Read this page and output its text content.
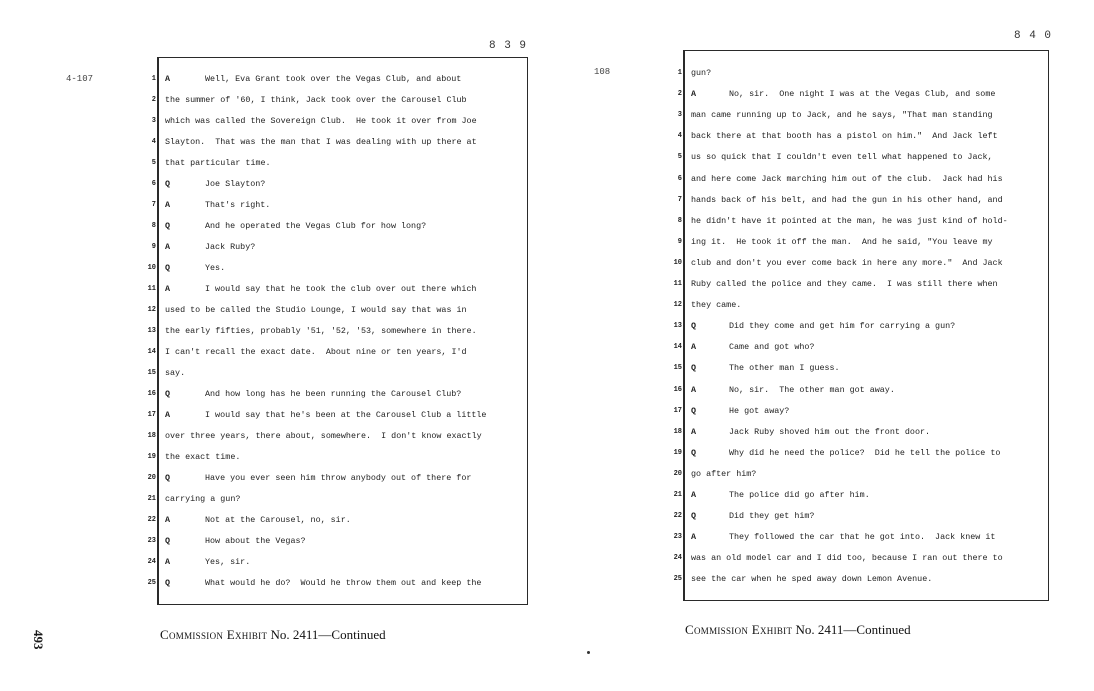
8 3 9
4-107	1 A	Well, Eva Grant took over the Vegas Club, and about
2 the summer of '60, I think, Jack took over the Carousel Club
3 which was called the Sovereign Club.  He took it over from Joe
4 Slayton.  That was the man that I was dealing with up there at
5 that particular time.
6 Q	Joe Slayton?
7 A	That's right.
8 Q	And he operated the Vegas Club for how long?
9 A	Jack Ruby?
10 Q	Yes.
11 A	I would say that he took the club over out there which
12 used to be called the Studio Lounge, I would say that was in
13 the early fifties, probably '51, '52, '53, somewhere in there.
14 I can't recall the exact date.  About nine or ten years, I'd
15 say.
16 Q	And how long has he been running the Carousel Club?
17 A	I would say that he's been at the Carousel Club a little
18 over three years, there about, somewhere.  I don't know exactly
19 the exact time.
20 Q	Have you ever seen him throw anybody out of there for
21 carrying a gun?
22 A	Not at the Carousel, no, sir.
23 Q	How about the Vegas?
24 A	Yes, sir.
25 Q	What would he do?  Would he throw them out and keep the
8 4 0
108	1 gun?
2 A	No, sir.  One night I was at the Vegas Club, and some
3 man came running up to Jack, and he says, "That man standing
4 back there at that booth has a pistol on him."  And Jack left
5 us so quick that I couldn't even tell what happened to Jack,
6 and here come Jack marching him out of the club.  Jack had his
7 hands back of his belt, and had the gun in his other hand, and
8 he didn't have it pointed at the man, he was just kind of hold-
9 ing it.  He took it off the man.  And he said, "You leave my
10 club and don't you ever come back in here any more."  And Jack
11 Ruby called the police and they came.  I was still there when
12 they came.
13 Q	Did they come and get him for carrying a gun?
14 A	Came and got who?
15 Q	The other man I guess.
16 A	No, sir.  The other man got away.
17 Q	He got away?
18 A	Jack Ruby shoved him out the front door.
19 Q	Why did he need the police?  Did he tell the police to
20 go after him?
21 A	The police did go after him.
22 Q	Did they get him?
23 A	They followed the car that he got into.  Jack knew it
24 was an old model car and I did too, because I ran out there to
25 see the car when he sped away down Lemon Avenue.
Commission Exhibit No. 2411—Continued	Commission Exhibit No. 2411—Continued
493
